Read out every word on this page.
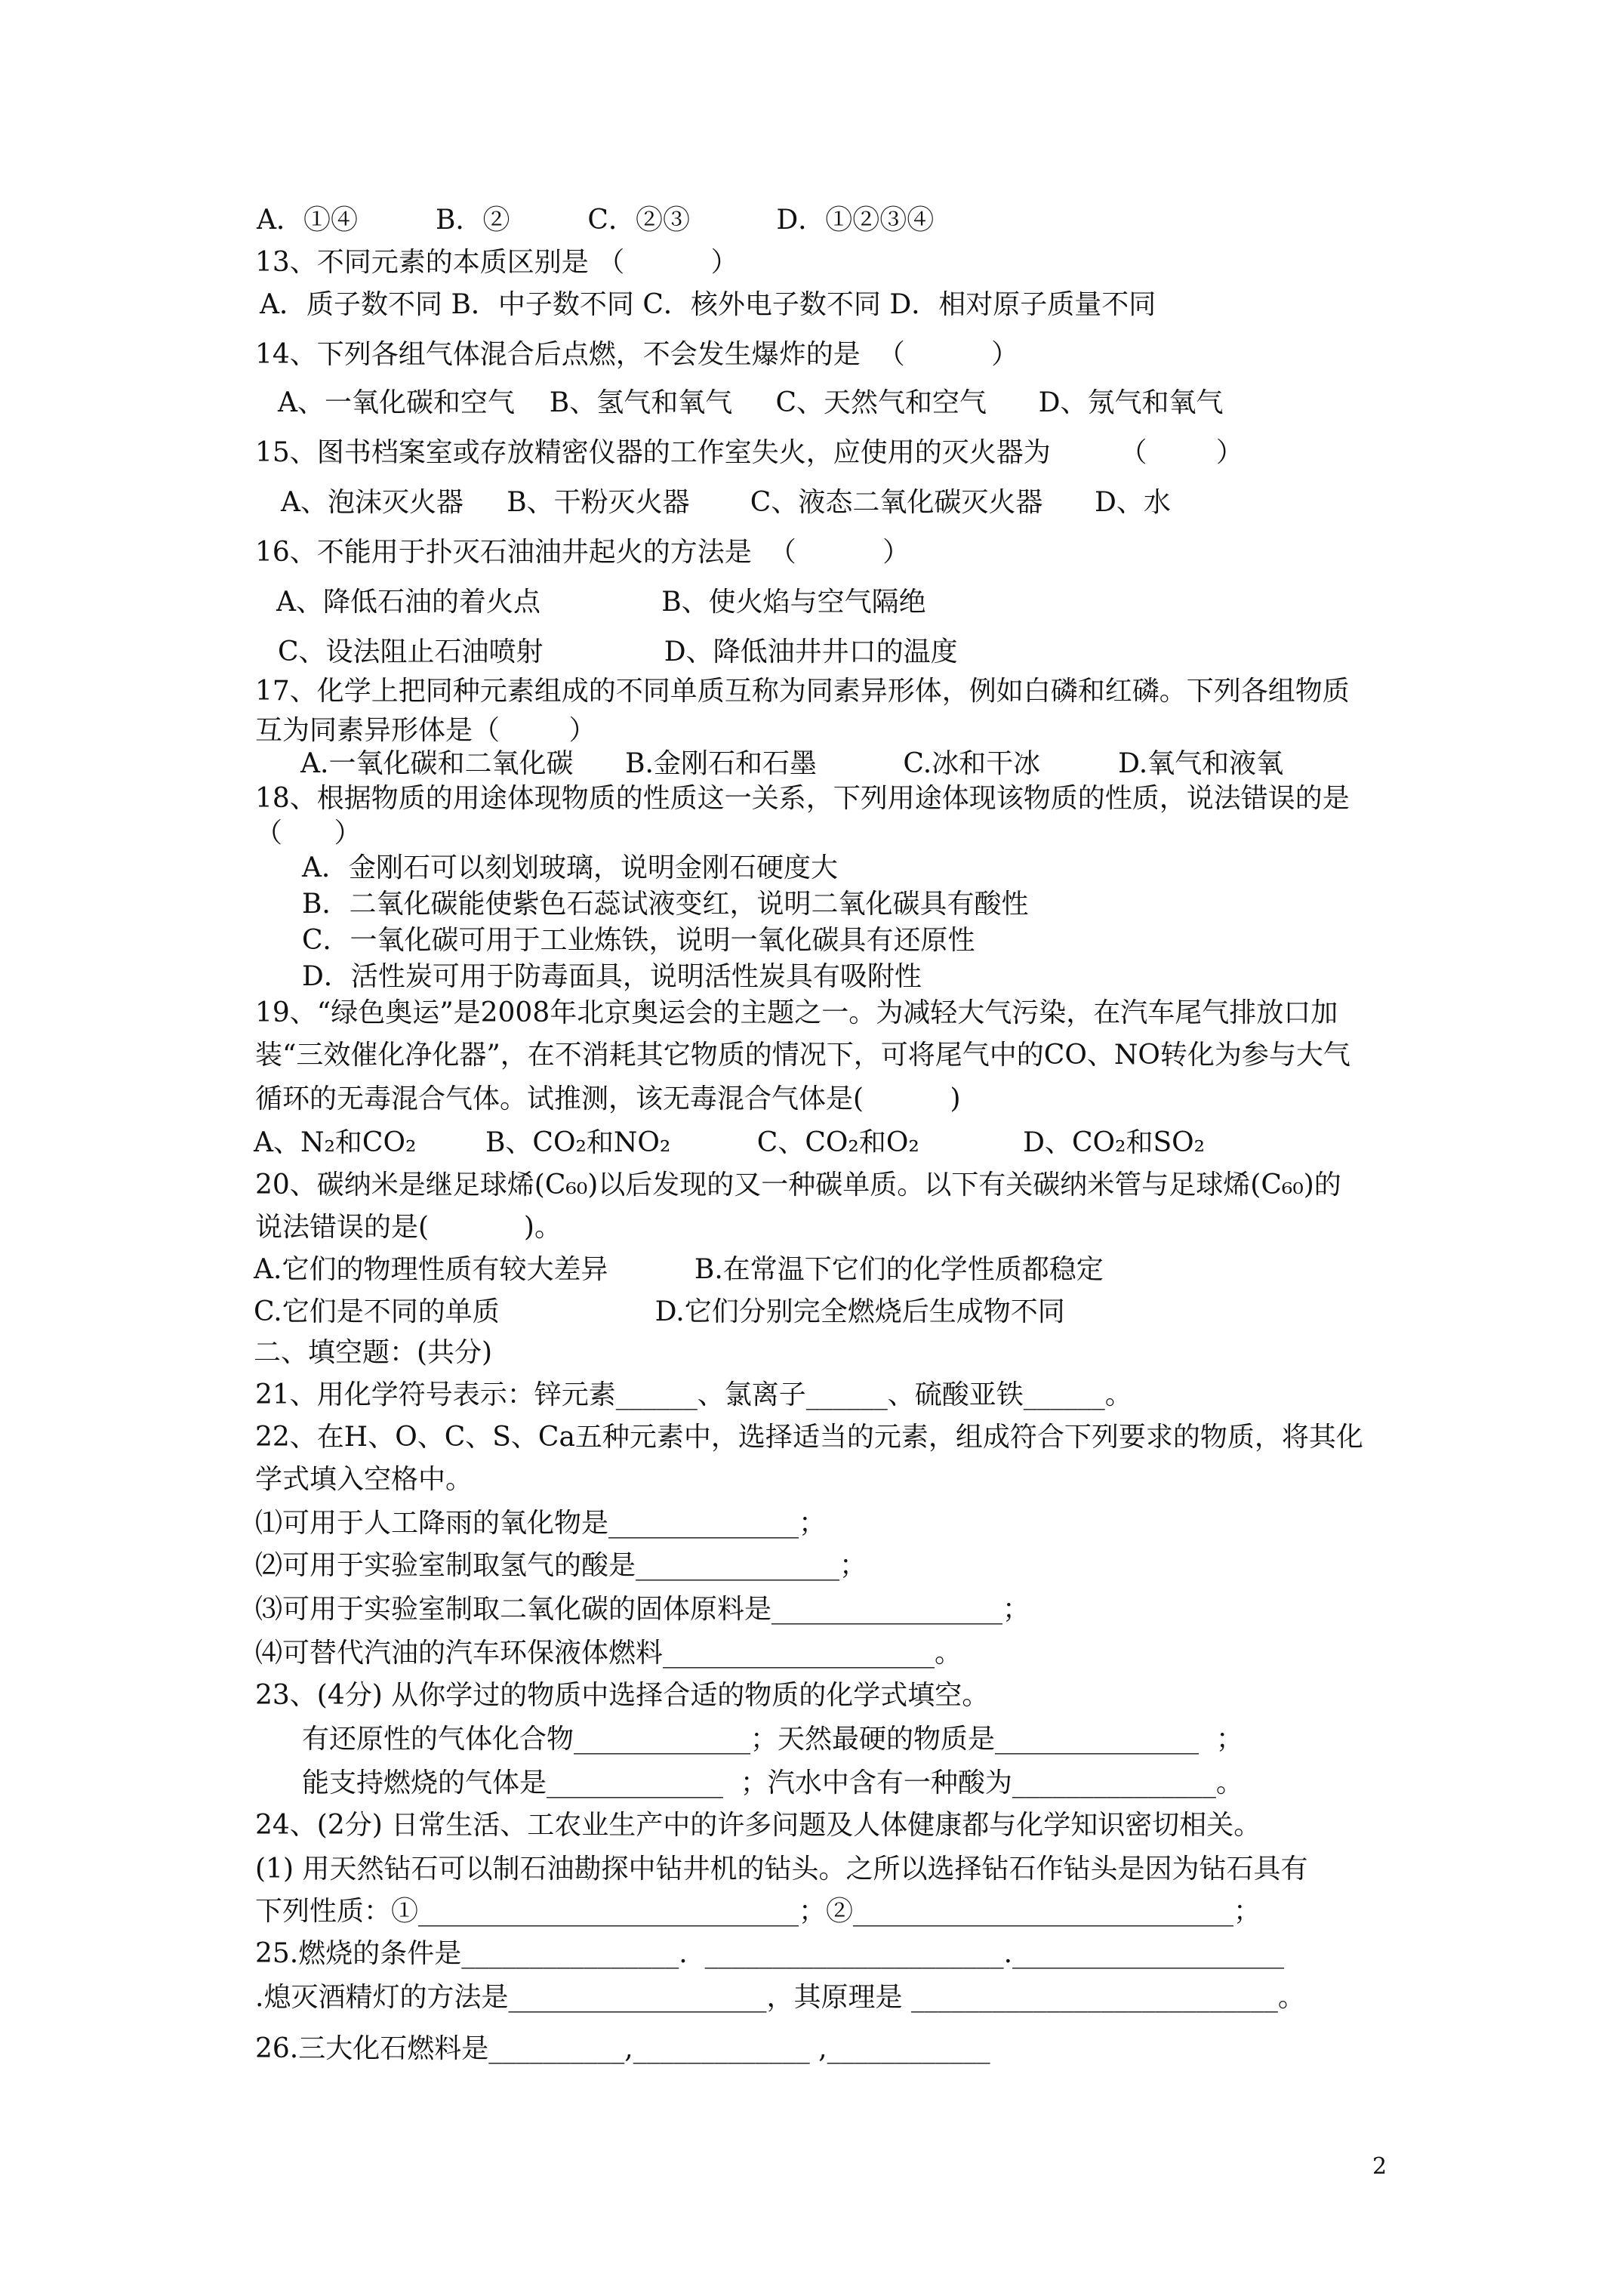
A．①④         B．②         C．②③          D．①②③④
13、不同元素的本质区别是 （          ）
A．质子数不同 B．中子数不同 C．核外电子数不同 D．相对原子质量不同
14、下列各组气体混合后点燃，不会发生爆炸的是  （          ）
A、一氧化碳和空气    B、氢气和氧气     C、天然气和空气      D、氖气和氧气
15、图书档案室或存放精密仪器的工作室失火，应使用的灭火器为        （        ）
A、泡沫灭火器     B、干粉灭火器       C、液态二氧化碳灭火器      D、水
16、不能用于扑灭石油油井起火的方法是  （          ）
A、降低石油的着火点              B、使火焰与空气隔绝
C、设法阻止石油喷射              D、降低油井井口的温度
17、化学上把同种元素组成的不同单质互称为同素异形体，例如白磷和红磷。下列各组物质
互为同素异形体是（        ）
A.一氧化碳和二氧化碳      B.金刚石和石墨          C.冰和干冰         D.氧气和液氧
18、根据物质的用途体现物质的性质这一关系，下列用途体现该物质的性质，说法错误的是
（      ）
A．金刚石可以刻划玻璃，说明金刚石硬度大
B．二氧化碳能使紫色石蕊试液变红，说明二氧化碳具有酸性
C．一氧化碳可用于工业炼铁，说明一氧化碳具有还原性
D．活性炭可用于防毒面具，说明活性炭具有吸附性
19、“绿色奥运”是2008年北京奥运会的主题之一。为减轻大气污染，在汽车尾气排放口加
装“三效催化净化器”，在不消耗其它物质的情况下，可将尾气中的CO、NO转化为参与大气
循环的无毒混合气体。试推测，该无毒混合气体是(          )
A、N₂和CO₂        B、CO₂和NO₂          C、CO₂和O₂            D、CO₂和SO₂
20、碳纳米是继足球烯(C₆₀)以后发现的又一种碳单质。以下有关碳纳米管与足球烯(C₆₀)的
说法错误的是(           )。
A.它们的物理性质有较大差异          B.在常温下它们的化学性质都稳定
C.它们是不同的单质                  D.它们分别完全燃烧后生成物不同
二、填空题：(共分)
21、用化学符号表示：锌元素______、氯离子______、硫酸亚铁______。
22、在H、O、C、S、Ca五种元素中，选择适当的元素，组成符合下列要求的物质，将其化
学式填入空格中。
⑴可用于人工降雨的氧化物是______________；
⑵可用于实验室制取氢气的酸是_______________；
⑶可用于实验室制取二氧化碳的固体原料是_________________；
⑷可替代汽油的汽车环保液体燃料____________________。
23、(4分) 从你学过的物质中选择合适的物质的化学式填空。
有还原性的气体化合物_____________；天然最硬的物质是_______________  ；
能支持燃烧的气体是_____________  ；汽水中含有一种酸为_______________。
24、(2分) 日常生活、工农业生产中的许多问题及人体健康都与化学知识密切相关。
(1) 用天然钻石可以制石油勘探中钻井机的钻头。之所以选择钻石作钻头是因为钻石具有
下列性质：①____________________________；②____________________________；
25.燃烧的条件是________________.  ______________________.____________________
.熄灭酒精灯的方法是___________________，其原理是 ___________________________。
26.三大化石燃料是__________,_____________ ,____________
2
